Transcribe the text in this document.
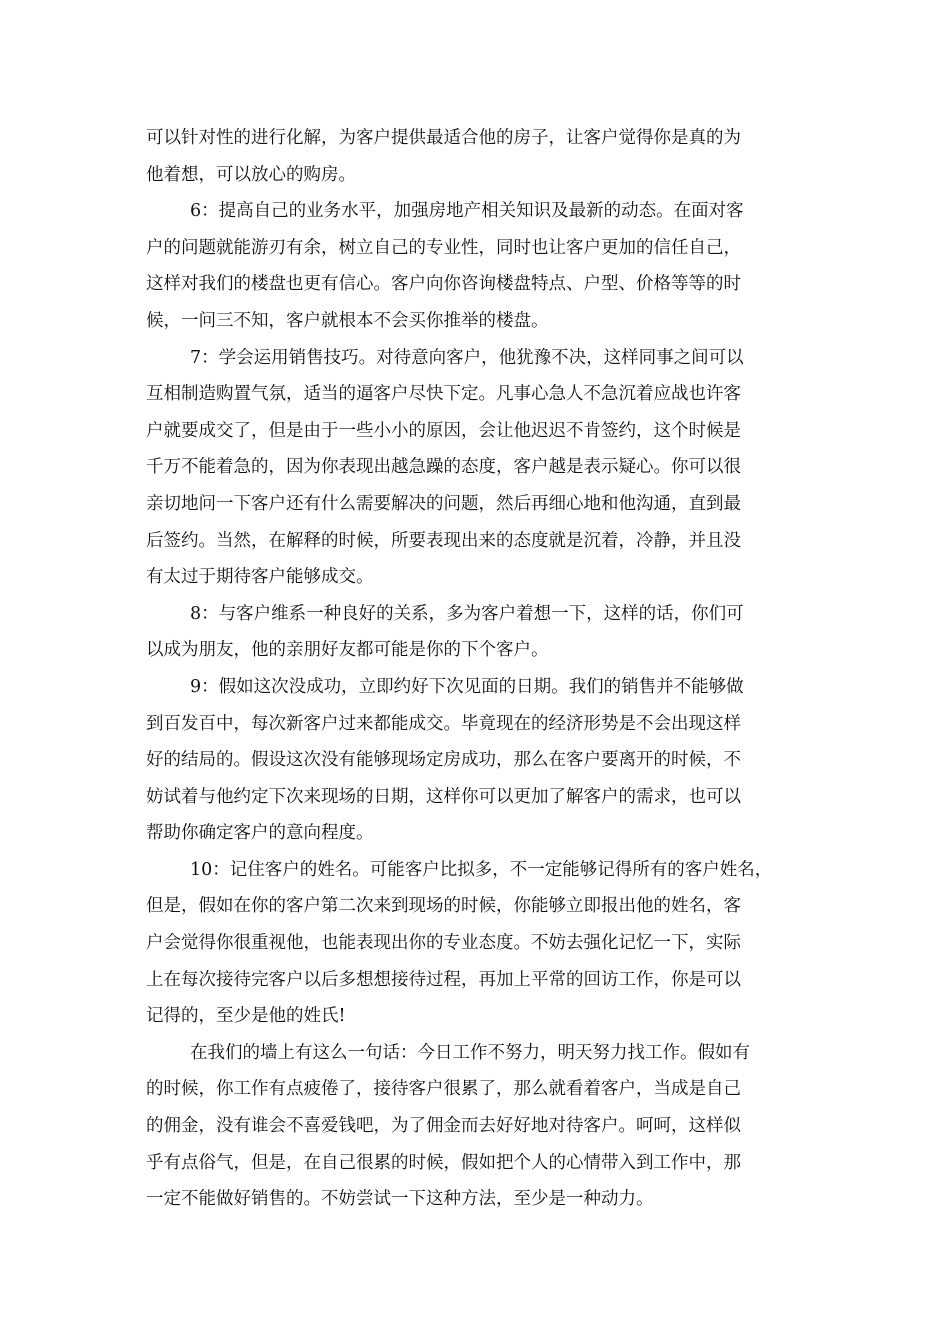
可以针对性的进行化解，为客户提供最适合他的房子，让客户觉得你是真的为
他着想，可以放心的购房。
6：提高自己的业务水平，加强房地产相关知识及最新的动态。在面对客
户的问题就能游刃有余，树立自己的专业性，同时也让客户更加的信任自己，
这样对我们的楼盘也更有信心。客户向你咨询楼盘特点、户型、价格等等的时
候，一问三不知，客户就根本不会买你推举的楼盘。
7：学会运用销售技巧。对待意向客户，他犹豫不决，这样同事之间可以
互相制造购置气氛，适当的逼客户尽快下定。凡事心急人不急沉着应战也许客
户就要成交了，但是由于一些小小的原因，会让他迟迟不肯签约，这个时候是
千万不能着急的，因为你表现出越急躁的态度，客户越是表示疑心。你可以很
亲切地问一下客户还有什么需要解决的问题，然后再细心地和他沟通，直到最
后签约。当然，在解释的时候，所要表现出来的态度就是沉着，冷静，并且没
有太过于期待客户能够成交。
8：与客户维系一种良好的关系，多为客户着想一下，这样的话，你们可
以成为朋友，他的亲朋好友都可能是你的下个客户。
9：假如这次没成功，立即约好下次见面的日期。我们的销售并不能够做
到百发百中，每次新客户过来都能成交。毕竟现在的经济形势是不会出现这样
好的结局的。假设这次没有能够现场定房成功，那么在客户要离开的时候，不
妨试着与他约定下次来现场的日期，这样你可以更加了解客户的需求，也可以
帮助你确定客户的意向程度。
10：记住客户的姓名。可能客户比拟多，不一定能够记得所有的客户姓名，
但是，假如在你的客户第二次来到现场的时候，你能够立即报出他的姓名，客
户会觉得你很重视他，也能表现出你的专业态度。不妨去强化记忆一下，实际
上在每次接待完客户以后多想想接待过程，再加上平常的回访工作，你是可以
记得的，至少是他的姓氏!
在我们的墙上有这么一句话：今日工作不努力，明天努力找工作。假如有
的时候，你工作有点疲倦了，接待客户很累了，那么就看着客户，当成是自己
的佣金，没有谁会不喜爱钱吧，为了佣金而去好好地对待客户。呵呵，这样似
乎有点俗气，但是，在自己很累的时候，假如把个人的心情带入到工作中，那
一定不能做好销售的。不妨尝试一下这种方法，至少是一种动力。
